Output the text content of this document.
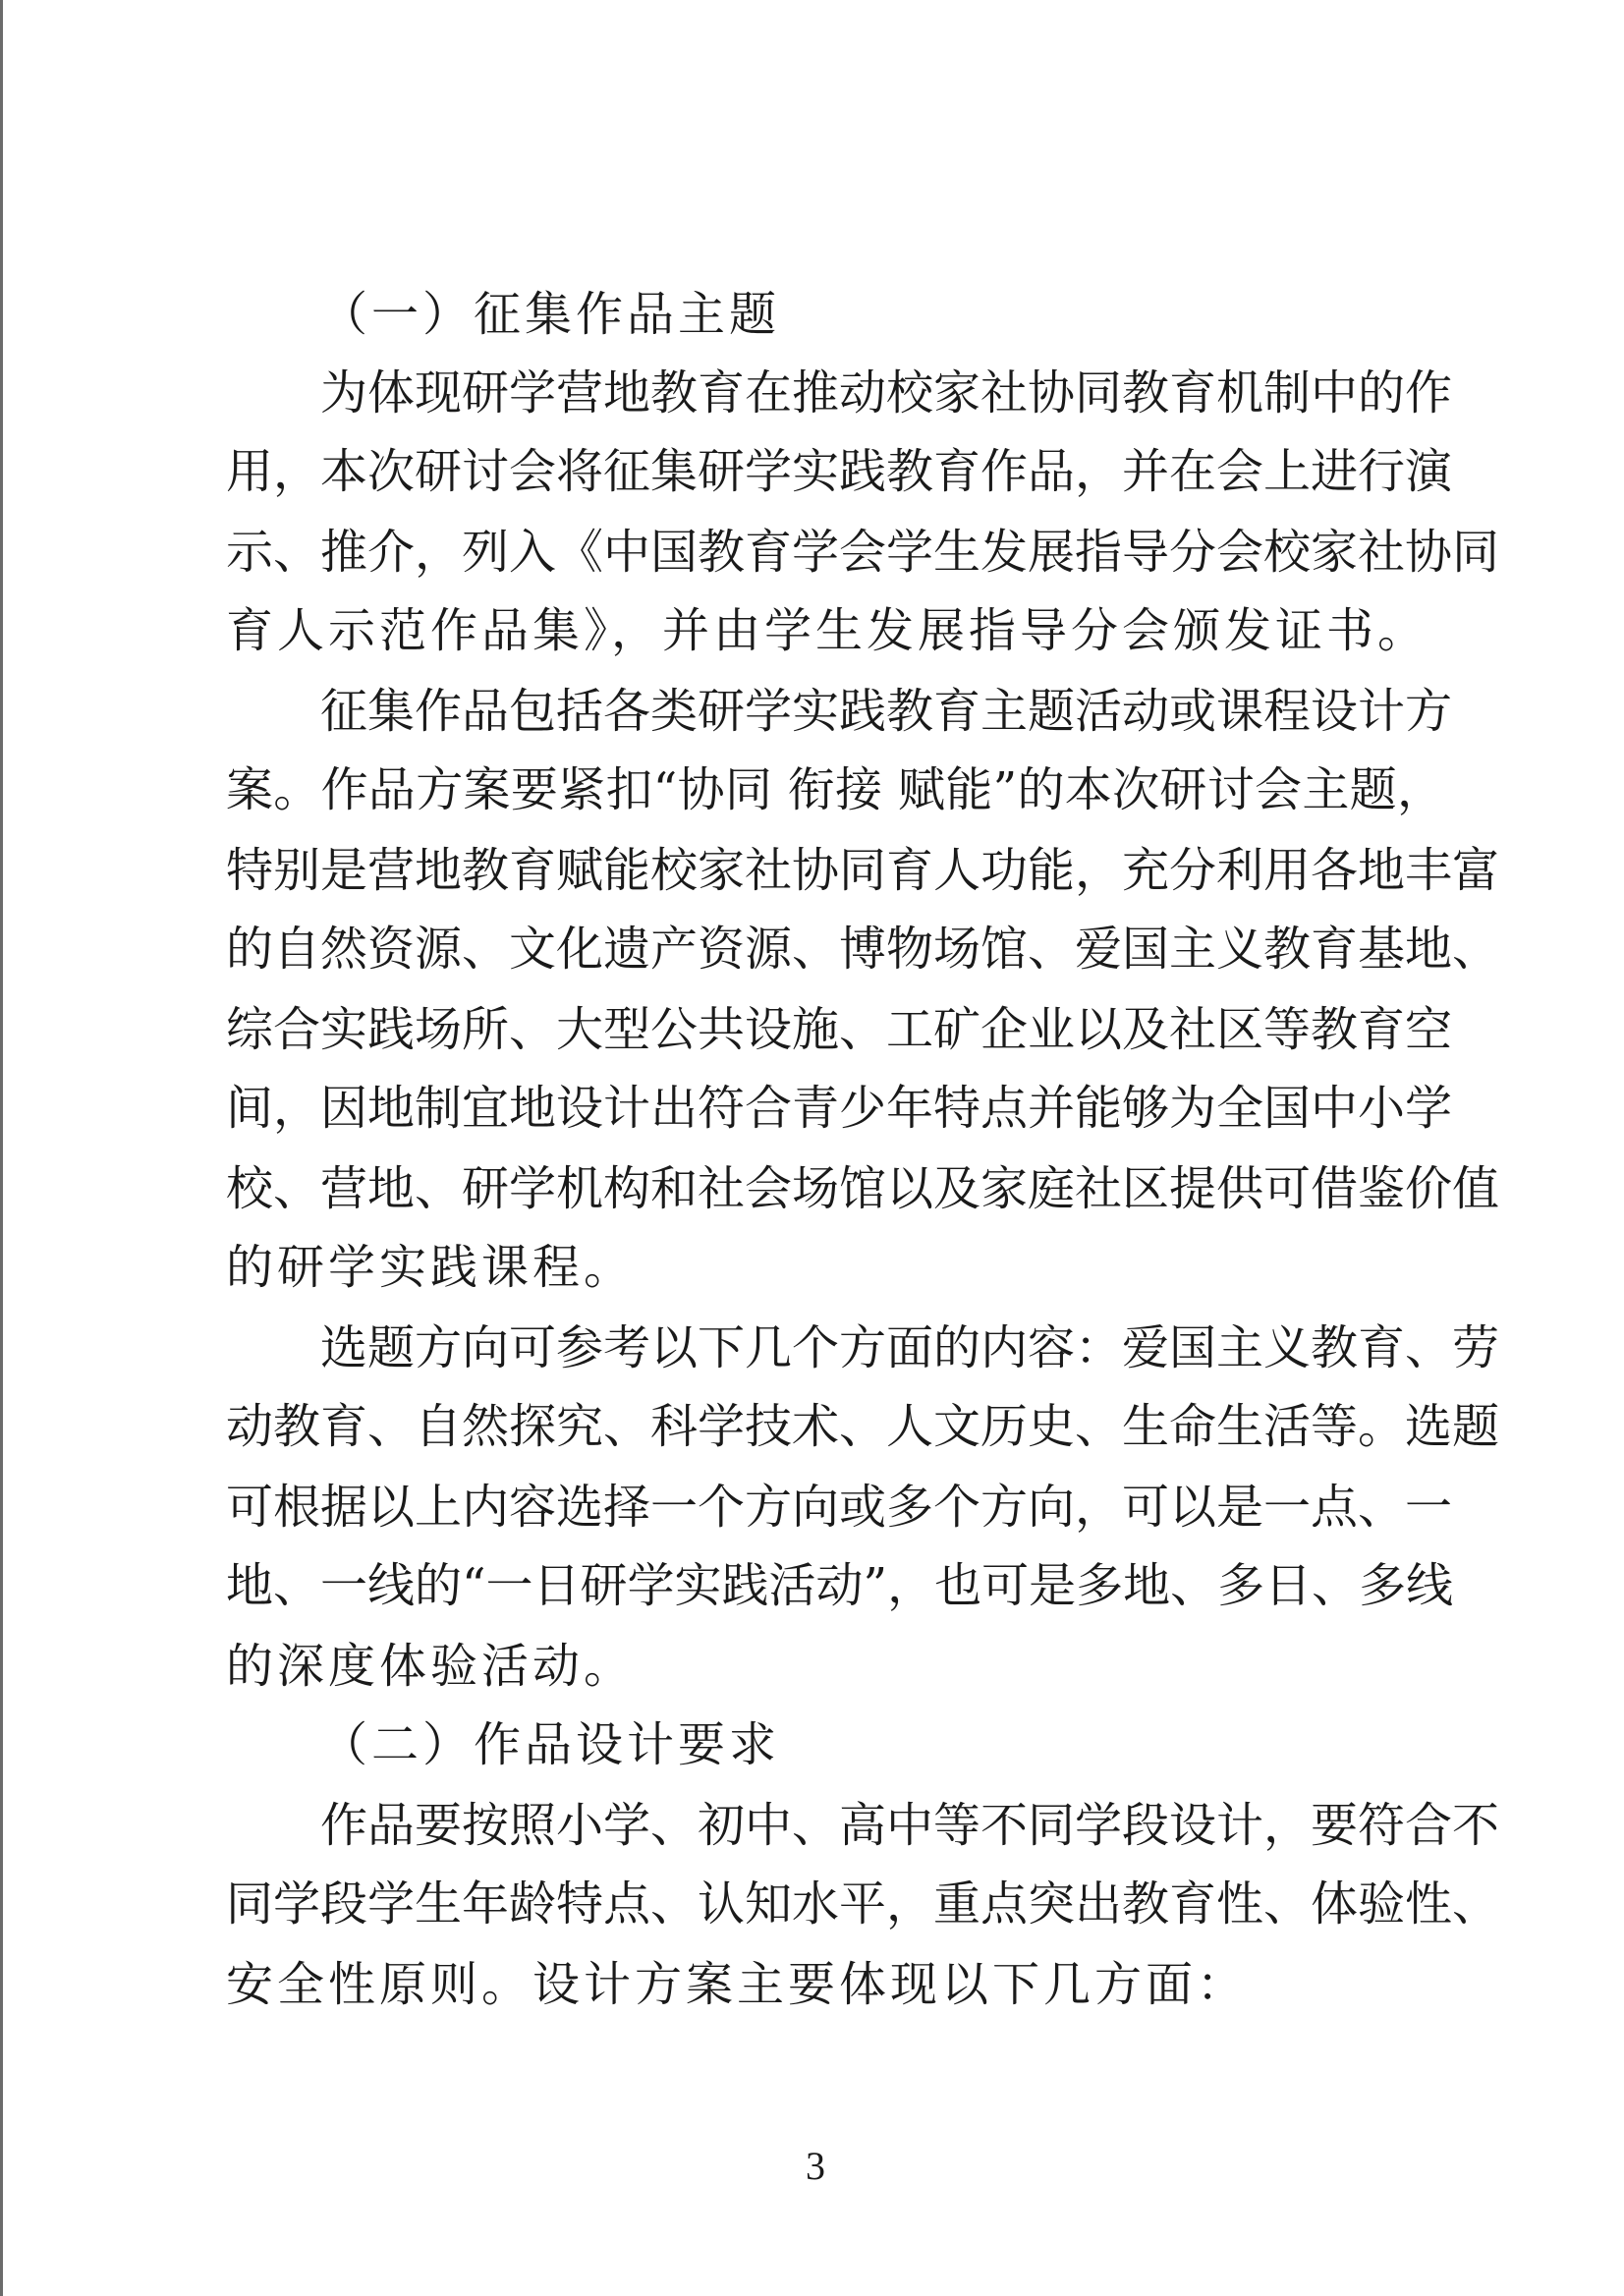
（一）征集作品主题
为体现研学营地教育在推动校家社协同教育机制中的作
用，本次研讨会将征集研学实践教育作品，并在会上进行演
示、推介，列入《中国教育学会学生发展指导分会校家社协同
育人示范作品集》，并由学生发展指导分会颁发证书。
征集作品包括各类研学实践教育主题活动或课程设计方
案。作品方案要紧扣“协同 衔接 赋能”的本次研讨会主题，
特别是营地教育赋能校家社协同育人功能，充分利用各地丰富
的自然资源、文化遗产资源、博物场馆、爱国主义教育基地、
综合实践场所、大型公共设施、工矿企业以及社区等教育空
间，因地制宜地设计出符合青少年特点并能够为全国中小学
校、营地、研学机构和社会场馆以及家庭社区提供可借鉴价值
的研学实践课程。
选题方向可参考以下几个方面的内容：爱国主义教育、劳
动教育、自然探究、科学技术、人文历史、生命生活等。选题
可根据以上内容选择一个方向或多个方向，可以是一点、一
地、一线的“一日研学实践活动”，也可是多地、多日、多线
的深度体验活动。
（二）作品设计要求
作品要按照小学、初中、高中等不同学段设计，要符合不
同学段学生年龄特点、认知水平，重点突出教育性、体验性、
安全性原则。设计方案主要体现以下几方面：
3
